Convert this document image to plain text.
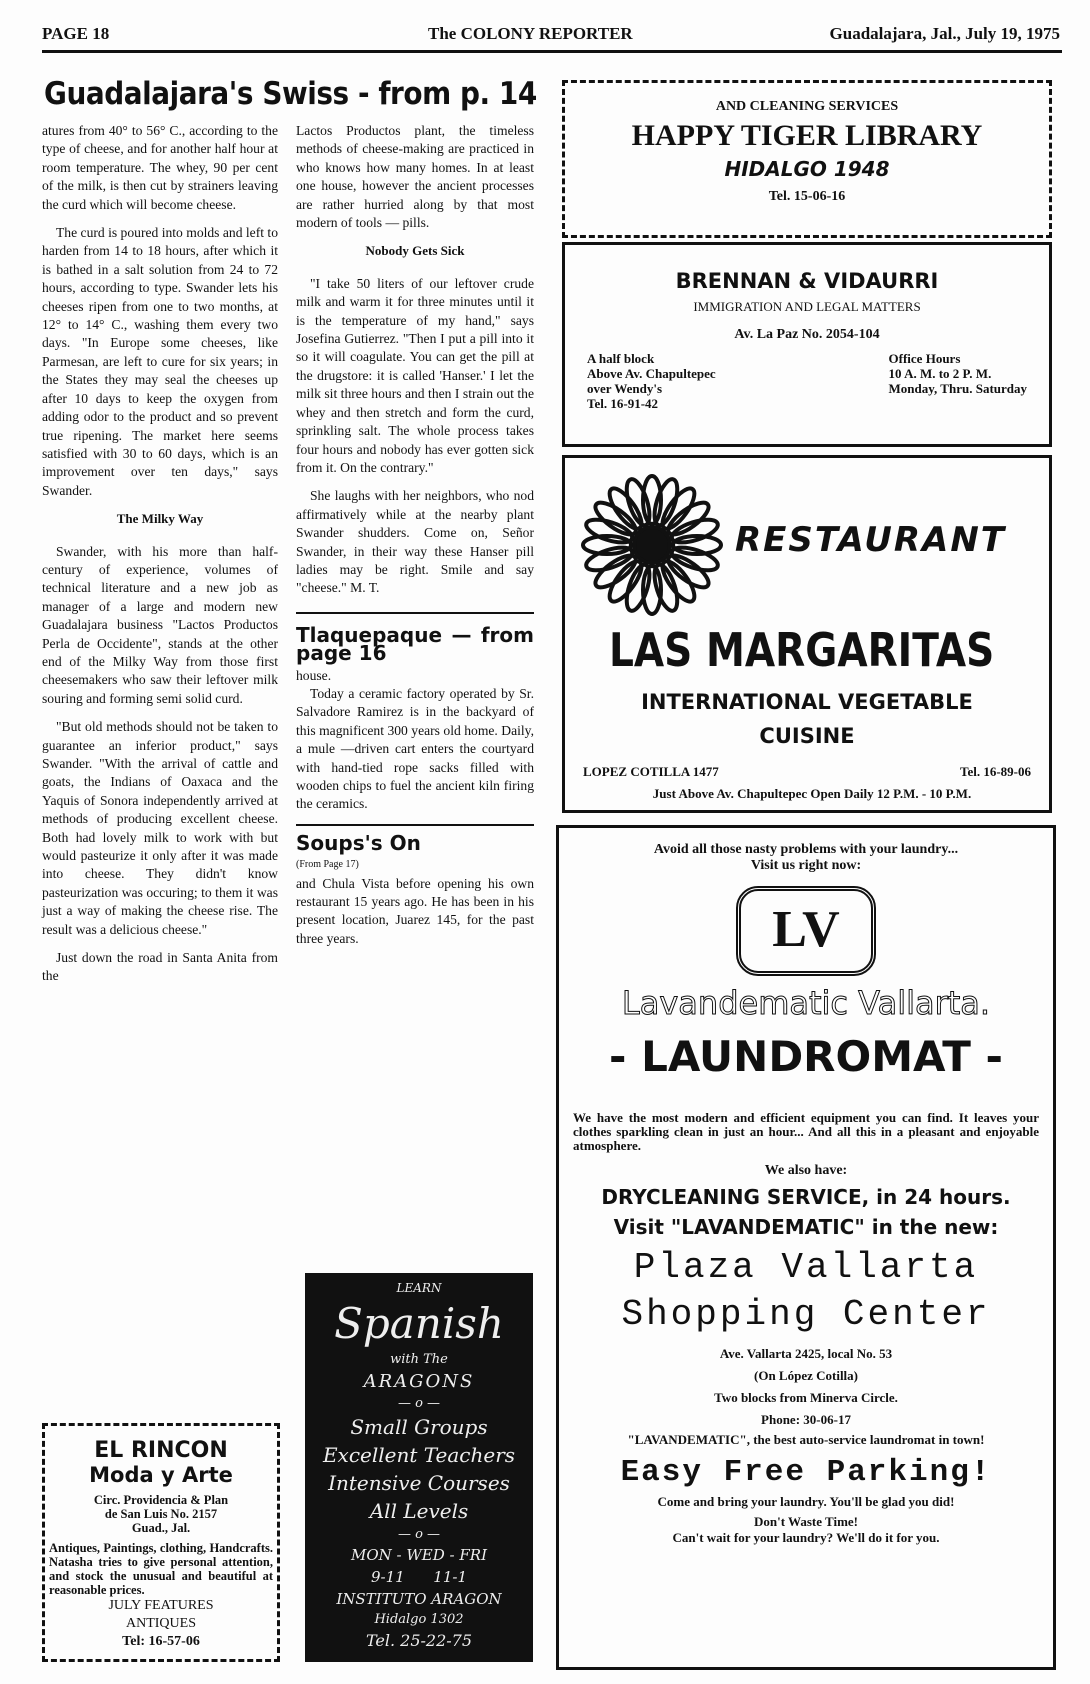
PAGE 18	The COLONY REPORTER	Guadalajara, Jal., July 19, 1975
Guadalajara's Swiss - from p. 14

atures from 40° to 56° C., according to the type of cheese, and for another half hour at room temperature. The whey, 90 per cent of the milk, is then cut by strainers leaving the curd which will become cheese.

The curd is poured into molds and left to harden from 14 to 18 hours, after which it is bathed in a salt solution from 24 to 72 hours, according to type. Swander lets his cheeses ripen from one to two months, at 12° to 14° C., washing them every two days. "In Europe some cheeses, like Parmesan, are left to cure for six years; in the States they may seal the cheeses up after 10 days to keep the oxygen from adding odor to the product and so prevent true ripening. The market here seems satisfied with 30 to 60 days, which is an improvement over ten days," says Swander.

The Milky Way

Swander, with his more than half-century of experience, volumes of technical literature and a new job as manager of a large and modern new Guadalajara business "Lactos Productos Perla de Occidente", stands at the other end of the Milky Way from those first cheesemakers who saw their leftover milk souring and forming semi solid curd.

"But old methods should not be taken to guarantee an inferior product," says Swander. "With the arrival of cattle and goats, the Indians of Oaxaca and the Yaquis of Sonora independently arrived at methods of producing excellent cheese. Both had lovely milk to work with but would pasteurize it only after it was made into cheese. They didn't know pasteurization was occuring; to them it was just a way of making the cheese rise. The result was a delicious cheese."

Just down the road in Santa Anita from the

EL RINCON
Moda y Arte
Circ. Providencia & Plan
de San Luis No. 2157
Guad., Jal.
Antiques, Paintings, clothing, Handcrafts. Natasha tries to give personal attention, and stock the unusual and beautiful at reasonable prices.
JULY FEATURES
ANTIQUES
Tel: 16-57-06

Lactos Productos plant, the timeless methods of cheese-making are practiced in who knows how many homes. In at least one house, however the ancient processes are rather hurried along by that most modern of tools — pills.

Nobody Gets Sick

"I take 50 liters of our leftover crude milk and warm it for three minutes until it is the temperature of my hand," says Josefina Gutierrez. "Then I put a pill into it so it will coagulate. You can get the pill at the drugstore: it is called 'Hanser.' I let the milk sit three hours and then I strain out the whey and then stretch and form the curd, sprinkling salt. The whole process takes four hours and nobody has ever gotten sick from it. On the contrary."

She laughs with her neighbors, who nod affirmatively while at the nearby plant Swander shudders. Come on, Señor Swander, in their way these Hanser pill ladies may be right. Smile and say "cheese." M. T.

Tlaquepaque — from page 16

house.

Today a ceramic factory operated by Sr. Salvadore Ramirez is in the backyard of this magnificent 300 years old home. Daily, a mule —driven cart enters the courtyard with hand-tied rope sacks filled with wooden chips to fuel the ancient kiln firing the ceramics.

Soups's On
(From Page 17)

and Chula Vista before opening his own restaurant 15 years ago. He has been in his present location, Juarez 145, for the past three years.

LEARN
Spanish
with The
ARAGONS
— o —
Small Groups
Excellent Teachers
Intensive Courses
All Levels
— o —
MON - WED - FRI
9-11      11-1
INSTITUTO ARAGON
Hidalgo 1302
Tel. 25-22-75
AND CLEANING SERVICES
HAPPY TIGER LIBRARY
HIDALGO 1948
Tel. 15-06-16
BRENNAN & VIDAURRI
IMMIGRATION AND LEGAL MATTERS
Av. La Paz No. 2054-104
A half block
Above Av. Chapultepec
over Wendy's
Tel. 16-91-42
Office Hours
10 A. M. to 2 P. M.
Monday, Thru. Saturday
RESTAURANT
LAS MARGARITAS
INTERNATIONAL VEGETABLE
CUISINE
LOPEZ COTILLA 1477	Tel. 16-89-06
Just Above Av. Chapultepec Open Daily 12 P.M. - 10 P.M.
Avoid all those nasty problems with your laundry...
Visit us right now:
LV
Lavandematic Vallarta.
- LAUNDROMAT -
We have the most modern and efficient equipment you can find. It leaves your clothes sparkling clean in just an hour... And all this in a pleasant and enjoyable atmosphere.
We also have:
DRYCLEANING SERVICE, in 24 hours.
Visit "LAVANDEMATIC" in the new:
Plaza Vallarta
Shopping Center
Ave. Vallarta 2425, local No. 53
(On López Cotilla)
Two blocks from Minerva Circle.
Phone: 30-06-17
"LAVANDEMATIC", the best auto-service laundromat in town!
Easy Free Parking!
Come and bring your laundry. You'll be glad you did!
Don't Waste Time!
Can't wait for your laundry? We'll do it for you.
